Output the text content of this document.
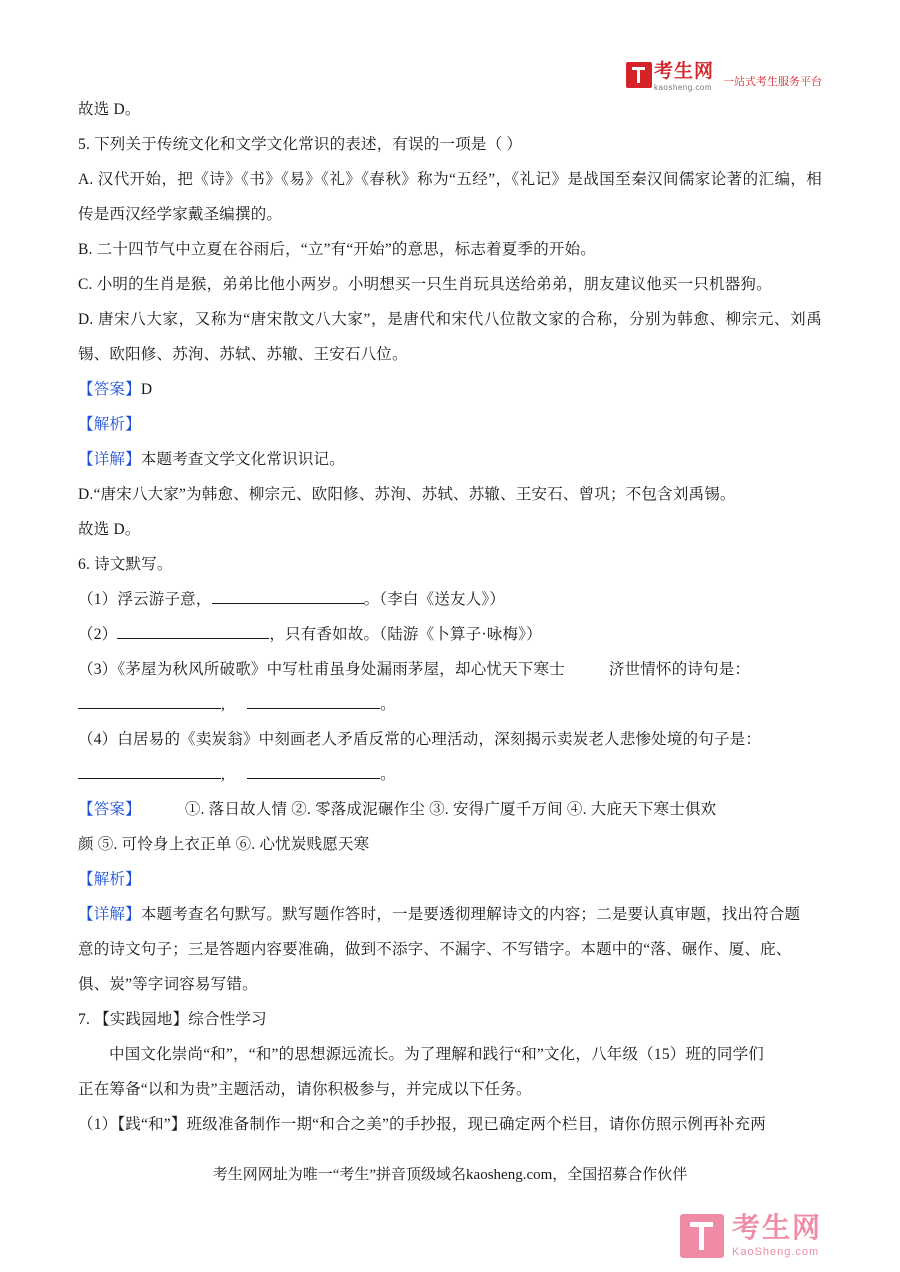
考生网
kaosheng.com 一站式考生服务平台

故选 D。

5. 下列关于传统文化和文学文化常识的表述，有误的一项是（ ）

A. 汉代开始，把《诗》《书》《易》《礼》《春秋》称为“五经”，《礼记》是战国至秦汉间儒家论著的汇编，相传是西汉经学家戴圣编撰的。

B. 二十四节气中立夏在谷雨后，“立”有“开始”的意思，标志着夏季的开始。

C. 小明的生肖是猴，弟弟比他小两岁。小明想买一只生肖玩具送给弟弟，朋友建议他买一只机器狗。

D. 唐宋八大家，又称为“唐宋散文八大家”，是唐代和宋代八位散文家的合称，分别为韩愈、柳宗元、刘禹锡、欧阳修、苏洵、苏轼、苏辙、王安石八位。

【答案】D

【解析】

【详解】本题考查文学文化常识识记。

D.“唐宋八大家”为韩愈、柳宗元、欧阳修、苏洵、苏轼、苏辙、王安石、曾巩；不包含刘禹锡。

故选 D。

6. 诗文默写。

（1）浮云游子意，	。（李白《送友人》）

（2）	，只有香如故。（陆游《卜算子·咏梅》）

（3）《茅屋为秋风所破歌》中写杜甫虽身处漏雨茅屋，却心忧天下寒士	济世情怀的诗句是：

,	。

（4）白居易的《卖炭翁》中刻画老人矛盾反常的心理活动，深刻揭示卖炭老人悲惨处境的句子是：

,	。

【答案】	①. 落日故人情 ②. 零落成泥碾作尘 ③. 安得广厦千万间 ④. 大庇天下寒士俱欢

颜 ⑤. 可怜身上衣正单 ⑥. 心忧炭贱愿天寒

【解析】

【详解】本题考查名句默写。默写题作答时，一是要透彻理解诗文的内容；二是要认真审题，找出符合题

意的诗文句子；三是答题内容要准确，做到不添字、不漏字、不写错字。本题中的“落、碾作、厦、庇、

俱、炭”等字词容易写错。

7. 【实践园地】综合性学习

中国文化崇尚“和”，“和”的思想源远流长。为了理解和践行“和”文化，八年级（15）班的同学们

正在筹备“以和为贵”主题活动，请你积极参与，并完成以下任务。

（1）【践“和”】班级准备制作一期“和合之美”的手抄报，现已确定两个栏目，请你仿照示例再补充两

考生网网址为唯一“考生”拼音顶级域名kaosheng.com，全国招募合作伙伴
考生网
KaoSheng.com
